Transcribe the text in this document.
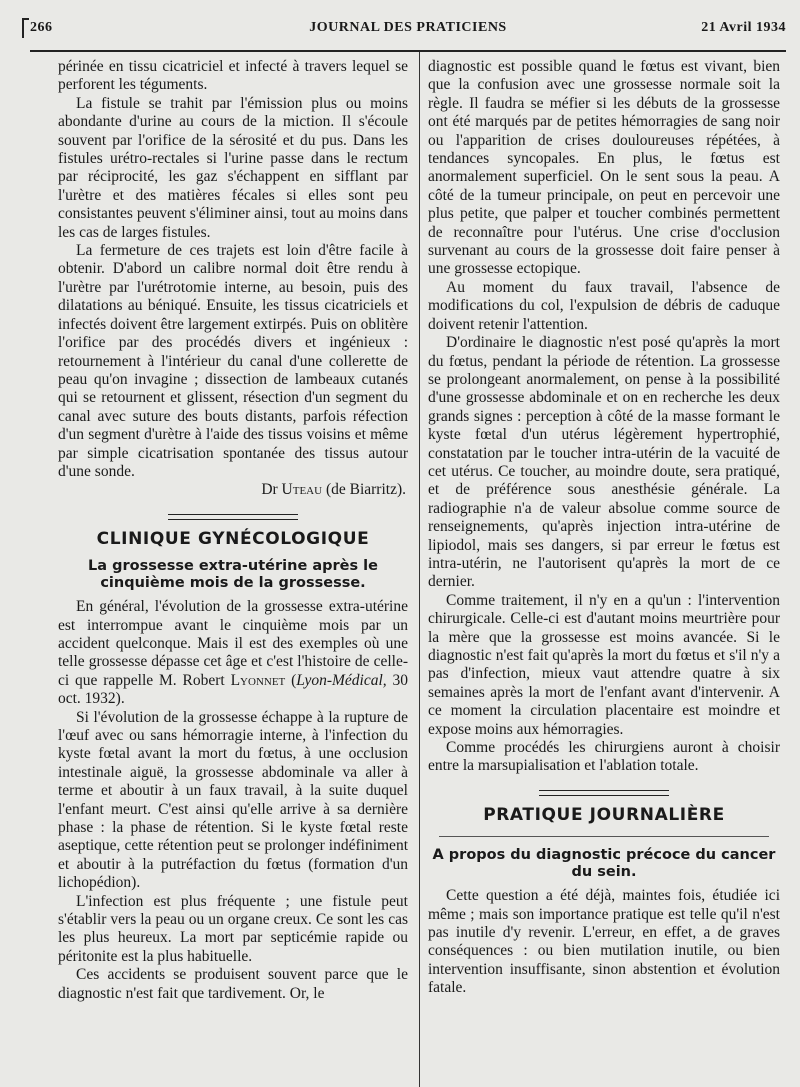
266	JOURNAL DES PRATICIENS	21 Avril 1934

périnée en tissu cicatriciel et infecté à travers lequel se perforent les téguments.

La fistule se trahit par l'émission plus ou moins abondante d'urine au cours de la miction. Il s'écoule souvent par l'orifice de la sérosité et du pus. Dans les fistules urétro-rectales si l'urine passe dans le rectum par réciprocité, les gaz s'échappent en sifflant par l'urètre et des matières fécales si elles sont peu consistantes peuvent s'éliminer ainsi, tout au moins dans les cas de larges fistules.

La fermeture de ces trajets est loin d'être facile à obtenir. D'abord un calibre normal doit être rendu à l'urètre par l'urétrotomie interne, au besoin, puis des dilatations au béniqué. Ensuite, les tissus cicatriciels et infectés doivent être largement extirpés. Puis on oblitère l'orifice par des procédés divers et ingénieux : retournement à l'intérieur du canal d'une collerette de peau qu'on invagine ; dissection de lambeaux cutanés qui se retournent et glissent, résection d'un segment du canal avec suture des bouts distants, parfois réfection d'un segment d'urètre à l'aide des tissus voisins et même par simple cicatrisation spontanée des tissus autour d'une sonde.

Dr Uteau (de Biarritz).

CLINIQUE GYNÉCOLOGIQUE
La grossesse extra-utérine après le cinquième mois de la grossesse.

En général, l'évolution de la grossesse extra-utérine est interrompue avant le cinquième mois par un accident quelconque. Mais il est des exemples où une telle grossesse dépasse cet âge et c'est l'histoire de celle-ci que rappelle M. Robert Lyonnet (Lyon-Médical, 30 oct. 1932).

Si l'évolution de la grossesse échappe à la rupture de l'œuf avec ou sans hémorragie interne, à l'infection du kyste fœtal avant la mort du fœtus, à une occlusion intestinale aiguë, la grossesse abdominale va aller à terme et aboutir à un faux travail, à la suite duquel l'enfant meurt. C'est ainsi qu'elle arrive à sa dernière phase : la phase de rétention. Si le kyste fœtal reste aseptique, cette rétention peut se prolonger indéfiniment et aboutir à la putréfaction du fœtus (formation d'un lichopédion).

L'infection est plus fréquente ; une fistule peut s'établir vers la peau ou un organe creux. Ce sont les cas les plus heureux. La mort par septicémie rapide ou péritonite est la plus habituelle.

Ces accidents se produisent souvent parce que le diagnostic n'est fait que tardivement. Or, le

diagnostic est possible quand le fœtus est vivant, bien que la confusion avec une grossesse normale soit la règle. Il faudra se méfier si les débuts de la grossesse ont été marqués par de petites hémorragies de sang noir ou l'apparition de crises douloureuses répétées, à tendances syncopales. En plus, le fœtus est anormalement superficiel. On le sent sous la peau. A côté de la tumeur principale, on peut en percevoir une plus petite, que palper et toucher combinés permettent de reconnaître pour l'utérus. Une crise d'occlusion survenant au cours de la grossesse doit faire penser à une grossesse ectopique.

Au moment du faux travail, l'absence de modifications du col, l'expulsion de débris de caduque doivent retenir l'attention.

D'ordinaire le diagnostic n'est posé qu'après la mort du fœtus, pendant la période de rétention. La grossesse se prolongeant anormalement, on pense à la possibilité d'une grossesse abdominale et on en recherche les deux grands signes : perception à côté de la masse formant le kyste fœtal d'un utérus légèrement hypertrophié, constatation par le toucher intra-utérin de la vacuité de cet utérus. Ce toucher, au moindre doute, sera pratiqué, et de préférence sous anesthésie générale. La radiographie n'a de valeur absolue comme source de renseignements, qu'après injection intra-utérine de lipiodol, mais ses dangers, si par erreur le fœtus est intra-utérin, ne l'autorisent qu'après la mort de ce dernier.

Comme traitement, il n'y en a qu'un : l'intervention chirurgicale. Celle-ci est d'autant moins meurtrière pour la mère que la grossesse est moins avancée. Si le diagnostic n'est fait qu'après la mort du fœtus et s'il n'y a pas d'infection, mieux vaut attendre quatre à six semaines après la mort de l'enfant avant d'intervenir. A ce moment la circulation placentaire est moindre et expose moins aux hémorragies.

Comme procédés les chirurgiens auront à choisir entre la marsupialisation et l'ablation totale.

PRATIQUE JOURNALIÈRE
A propos du diagnostic précoce du cancer du sein.

Cette question a été déjà, maintes fois, étudiée ici même ; mais son importance pratique est telle qu'il n'est pas inutile d'y revenir. L'erreur, en effet, a de graves conséquences : ou bien mutilation inutile, ou bien intervention insuffisante, sinon abstention et évolution fatale.
